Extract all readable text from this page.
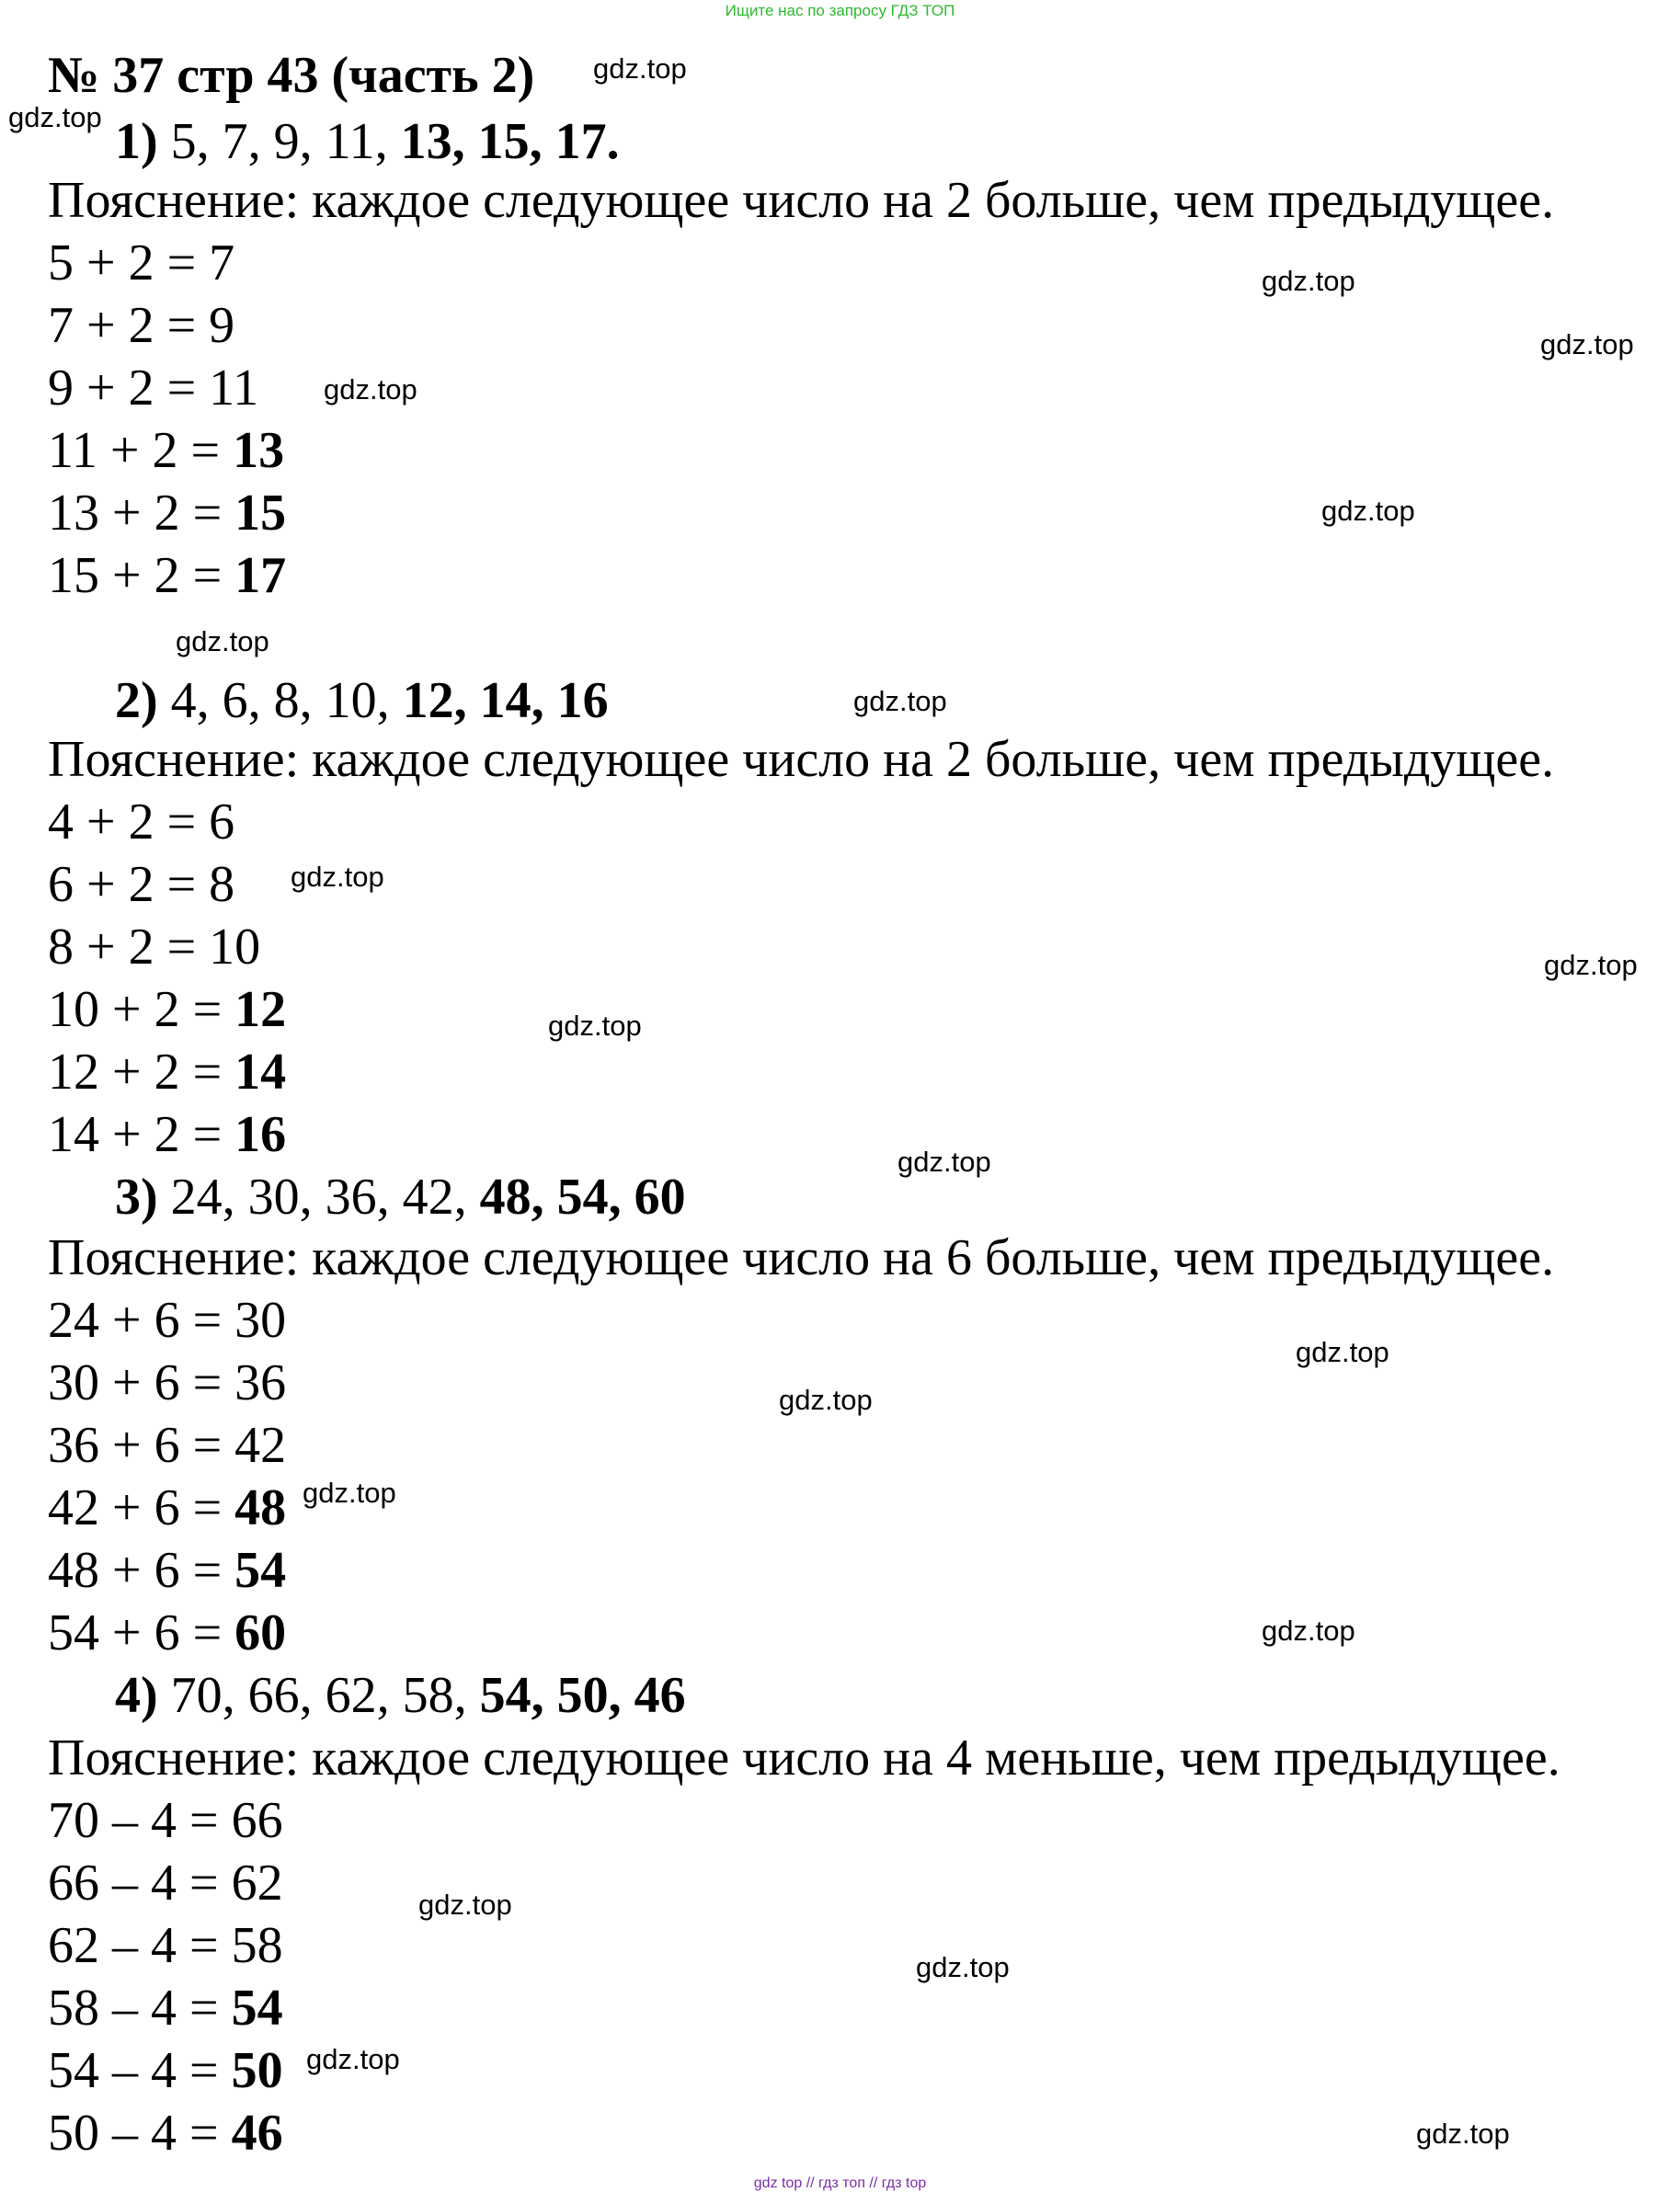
Ищите нас по запросу ГДЗ ТОП
№ 37 стр 43 (часть 2)
1) 5, 7, 9, 11, 13, 15, 17.
Пояснение: каждое следующее число на 2 больше, чем предыдущее.
5 + 2 = 7
7 + 2 = 9
9 + 2 = 11
11 + 2 = 13
13 + 2 = 15
15 + 2 = 17
2) 4, 6, 8, 10, 12, 14, 16
Пояснение: каждое следующее число на 2 больше, чем предыдущее.
4 + 2 = 6
6 + 2 = 8
8 + 2 = 10
10 + 2 = 12
12 + 2 = 14
14 + 2 = 16
3) 24, 30, 36, 42, 48, 54, 60
Пояснение: каждое следующее число на 6 больше, чем предыдущее.
24 + 6 = 30
30 + 6 = 36
36 + 6 = 42
42 + 6 = 48
48 + 6 = 54
54 + 6 = 60
4) 70, 66, 62, 58, 54, 50, 46
Пояснение: каждое следующее число на 4 меньше, чем предыдущее.
70 – 4 = 66
66 – 4 = 62
62 – 4 = 58
58 – 4 = 54
54 – 4 = 50
50 – 4 = 46
gdz.top
gdz.top
gdz.top
gdz.top
gdz.top
gdz.top
gdz.top
gdz.top
gdz.top
gdz.top
gdz.top
gdz.top
gdz.top
gdz.top
gdz.top
gdz.top
gdz.top
gdz.top
gdz.top
gdz.top
gdz top // гдз топ // гдз top
